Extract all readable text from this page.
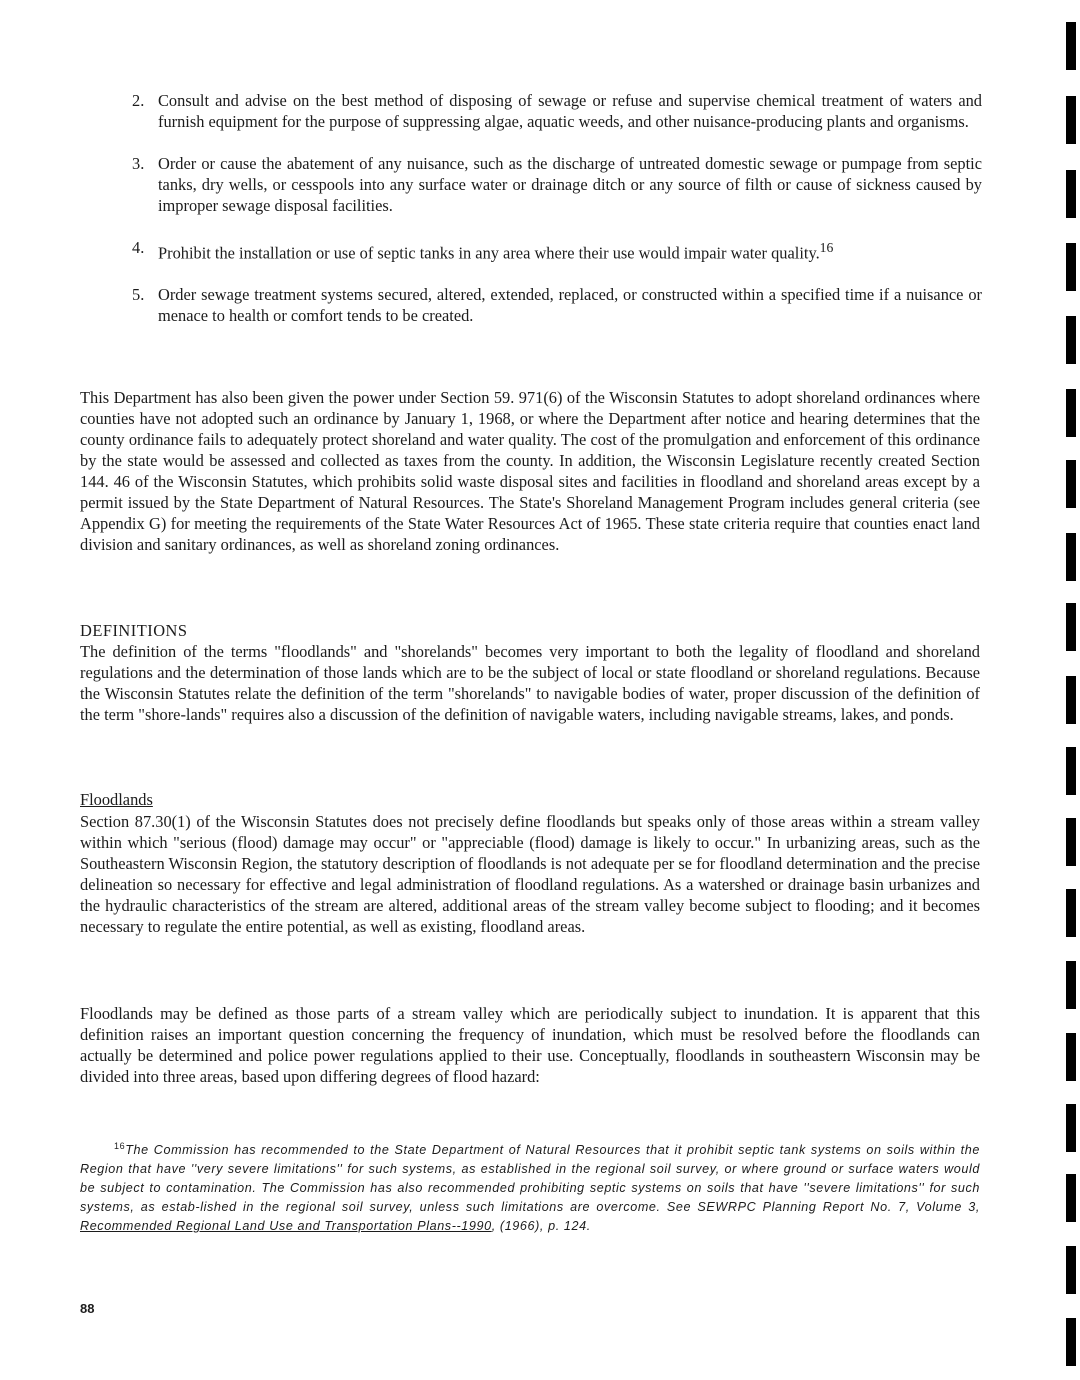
2. Consult and advise on the best method of disposing of sewage or refuse and supervise chemical treatment of waters and furnish equipment for the purpose of suppressing algae, aquatic weeds, and other nuisance-producing plants and organisms.
3. Order or cause the abatement of any nuisance, such as the discharge of untreated domestic sewage or pumpage from septic tanks, dry wells, or cesspools into any surface water or drainage ditch or any source of filth or cause of sickness caused by improper sewage disposal facilities.
4. Prohibit the installation or use of septic tanks in any area where their use would impair water quality.$^{16}$
5. Order sewage treatment systems secured, altered, extended, replaced, or constructed within a specified time if a nuisance or menace to health or comfort tends to be created.

This Department has also been given the power under Section 59. 971(6) of the Wisconsin Statutes to adopt shoreland ordinances where counties have not adopted such an ordinance by January 1, 1968, or where the Department after notice and hearing determines that the county ordinance fails to adequately protect shoreland and water quality. The cost of the promulgation and enforcement of this ordinance by the state would be assessed and collected as taxes from the county. In addition, the Wisconsin Legislature recently created Section 144. 46 of the Wisconsin Statutes, which prohibits solid waste disposal sites and facilities in floodland and shoreland areas except by a permit issued by the State Department of Natural Resources. The State's Shoreland Management Program includes general criteria (see Appendix G) for meeting the requirements of the State Water Resources Act of 1965. These state criteria require that counties enact land division and sanitary ordinances, as well as shoreland zoning ordinances.

DEFINITIONS

The definition of the terms "floodlands" and "shorelands" becomes very important to both the legality of floodland and shoreland regulations and the determination of those lands which are to be the subject of local or state floodland or shoreland regulations. Because the Wisconsin Statutes relate the definition of the term "shorelands" to navigable bodies of water, proper discussion of the definition of the term "shore-lands" requires also a discussion of the definition of navigable waters, including navigable streams, lakes, and ponds.

Floodlands

Section 87.30(1) of the Wisconsin Statutes does not precisely define floodlands but speaks only of those areas within a stream valley within which "serious (flood) damage may occur" or "appreciable (flood) damage is likely to occur." In urbanizing areas, such as the Southeastern Wisconsin Region, the statutory description of floodlands is not adequate per se for floodland determination and the precise delineation so necessary for effective and legal administration of floodland regulations. As a watershed or drainage basin urbanizes and the hydraulic characteristics of the stream are altered, additional areas of the stream valley become subject to flooding; and it becomes necessary to regulate the entire potential, as well as existing, floodland areas.

Floodlands may be defined as those parts of a stream valley which are periodically subject to inundation. It is apparent that this definition raises an important question concerning the frequency of inundation, which must be resolved before the floodlands can actually be determined and police power regulations applied to their use. Conceptually, floodlands in southeastern Wisconsin may be divided into three areas, based upon differing degrees of flood hazard:

$^{16}$The Commission has recommended to the State Department of Natural Resources that it prohibit septic tank systems on soils within the Region that have ''very severe limitations'' for such systems, as established in the regional soil survey, or where ground or surface waters would be subject to contamination. The Commission has also recommended prohibiting septic systems on soils that have ''severe limitations'' for such systems, as estab-lished in the regional soil survey, unless such limitations are overcome. See SEWRPC Planning Report No. 7, Volume 3, Recommended Regional Land Use and Transportation Plans--1990, (1966), p. 124.

88
